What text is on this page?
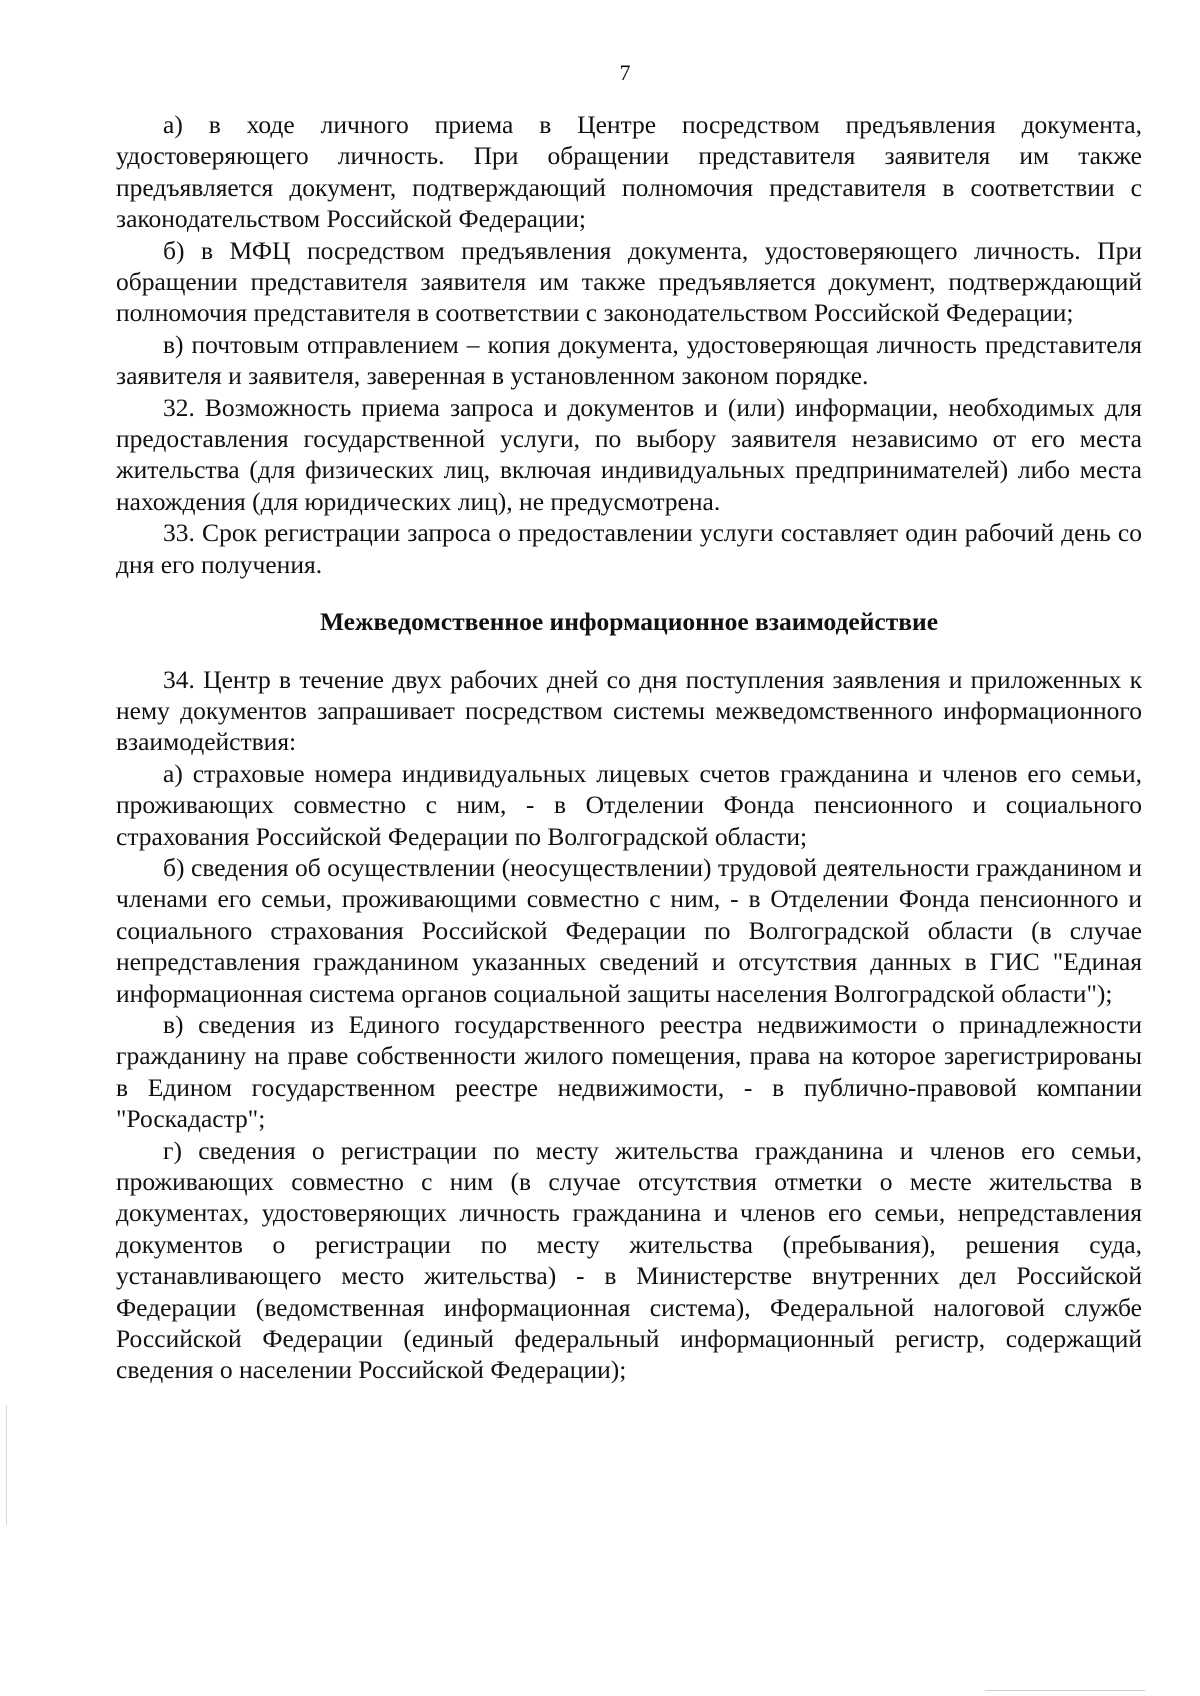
7

а) в ходе личного приема в Центре посредством предъявления документа, удостоверяющего личность. При обращении представителя заявителя им также предъявляется документ, подтверждающий полномочия представителя в соответствии с законодательством Российской Федерации;

б) в МФЦ посредством предъявления документа, удостоверяющего личность. При обращении представителя заявителя им также предъявляется документ, подтверждающий полномочия представителя в соответствии с законодательством Российской Федерации;

в) почтовым отправлением – копия документа, удостоверяющая личность представителя заявителя и заявителя, заверенная в установленном законом порядке.

32. Возможность приема запроса и документов и (или) информации, необходимых для предоставления государственной услуги, по выбору заявителя независимо от его места жительства (для физических лиц, включая индивидуальных предпринимателей) либо места нахождения (для юридических лиц), не предусмотрена.

33. Срок регистрации запроса о предоставлении услуги составляет один рабочий день со дня его получения.

Межведомственное информационное взаимодействие

34. Центр в течение двух рабочих дней со дня поступления заявления и приложенных к нему документов запрашивает посредством системы межведомственного информационного взаимодействия:

а) страховые номера индивидуальных лицевых счетов гражданина и членов его семьи, проживающих совместно с ним, - в Отделении Фонда пенсионного и социального страхования Российской Федерации по Волгоградской области;

б) сведения об осуществлении (неосуществлении) трудовой деятельности гражданином и членами его семьи, проживающими совместно с ним, - в Отделении Фонда пенсионного и социального страхования Российской Федерации по Волгоградской области (в случае непредставления гражданином указанных сведений и отсутствия данных в ГИС "Единая информационная система органов социальной защиты населения Волгоградской области");

в) сведения из Единого государственного реестра недвижимости о принадлежности гражданину на праве собственности жилого помещения, права на которое зарегистрированы в Едином государственном реестре недвижимости, - в публично-правовой компании "Роскадастр";

г) сведения о регистрации по месту жительства гражданина и членов его семьи, проживающих совместно с ним (в случае отсутствия отметки о месте жительства в документах, удостоверяющих личность гражданина и членов его семьи, непредставления документов о регистрации по месту жительства (пребывания), решения суда, устанавливающего место жительства) - в Министерстве внутренних дел Российской Федерации (ведомственная информационная система), Федеральной налоговой службе Российской Федерации (единый федеральный информационный регистр, содержащий сведения о населении Российской Федерации);
